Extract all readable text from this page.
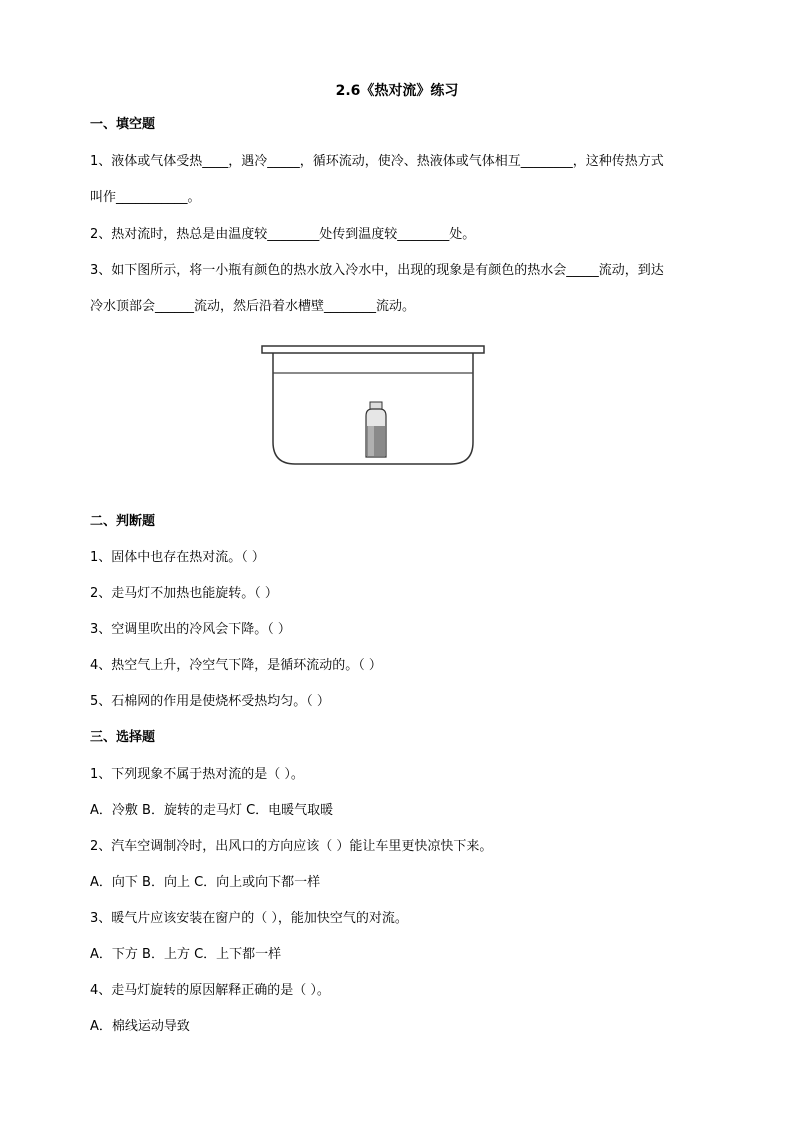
2.6《热对流》练习
一、填空题
1、液体或气体受热____，遇冷_____，循环流动，使冷、热液体或气体相互________，这种传热方式
叫作___________。
2、热对流时，热总是由温度较________处传到温度较________处。
3、如下图所示，将一小瓶有颜色的热水放入冷水中，出现的现象是有颜色的热水会_____流动，到达
冷水顶部会______流动，然后沿着水槽壁________流动。
二、判断题
1、固体中也存在热对流。（ ）
2、走马灯不加热也能旋转。（ ）
3、空调里吹出的冷风会下降。（ ）
4、热空气上升，冷空气下降，是循环流动的。（ ）
5、石棉网的作用是使烧杯受热均匀。（ ）
三、选择题
1、下列现象不属于热对流的是（ ）。
A．冷敷 B．旋转的走马灯 C．电暖气取暖
2、汽车空调制冷时，出风口的方向应该（ ）能让车里更快凉快下来。
A．向下 B．向上 C．向上或向下都一样
3、暖气片应该安装在窗户的（ ），能加快空气的对流。
A．下方 B．上方 C．上下都一样
4、走马灯旋转的原因解释正确的是（ ）。
A．棉线运动导致
